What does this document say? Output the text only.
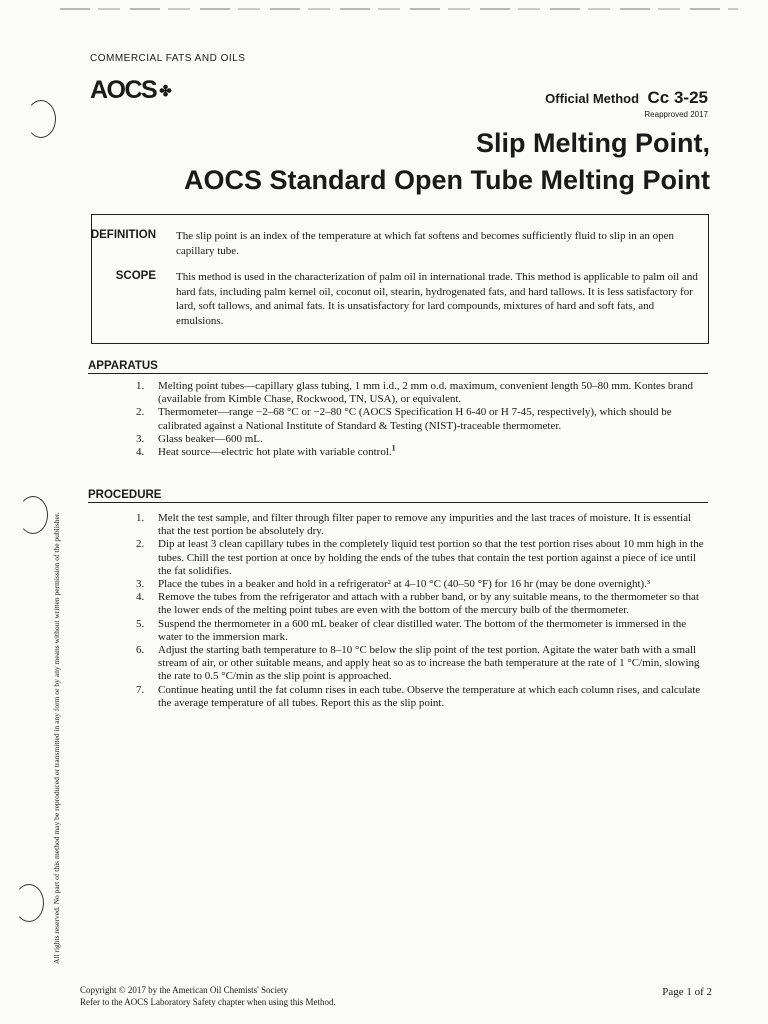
COMMERCIAL FATS AND OILS
AOCS ✤	Official Method Cc 3-25
Reapproved 2017
Slip Melting Point,
AOCS Standard Open Tube Melting Point
DEFINITION The slip point is an index of the temperature at which fat softens and becomes sufficiently fluid to slip in an open capillary tube.
SCOPE This method is used in the characterization of palm oil in international trade. This method is applicable to palm oil and hard fats, including palm kernel oil, coconut oil, stearin, hydrogenated fats, and hard tallows. It is less satisfactory for lard, soft tallows, and animal fats. It is unsatisfactory for lard compounds, mixtures of hard and soft fats, and emulsions.
APPARATUS
1. Melting point tubes—capillary glass tubing, 1 mm i.d., 2 mm o.d. maximum, convenient length 50–80 mm. Kontes brand (available from Kimble Chase, Rockwood, TN, USA), or equivalent.
2. Thermometer—range −2–68 °C or −2–80 °C (AOCS Specification H 6-40 or H 7-45, respectively), which should be calibrated against a National Institute of Standard & Testing (NIST)-traceable thermometer.
3. Glass beaker—600 mL.
4. Heat source—electric hot plate with variable control.$^1$
PROCEDURE
1. Melt the test sample, and filter through filter paper to remove any impurities and the last traces of moisture. It is essential that the test portion be absolutely dry.
2. Dip at least 3 clean capillary tubes in the completely liquid test portion so that the test portion rises about 10 mm high in the tubes. Chill the test portion at once by holding the ends of the tubes that contain the test portion against a piece of ice until the fat solidifies.
3. Place the tubes in a beaker and hold in a refrigerator² at 4–10 °C (40–50 °F) for 16 hr (may be done overnight).³
4. Remove the tubes from the refrigerator and attach with a rubber band, or by any suitable means, to the thermometer so that the lower ends of the melting point tubes are even with the bottom of the mercury bulb of the thermometer.
5. Suspend the thermometer in a 600 mL beaker of clear distilled water. The bottom of the thermometer is immersed in the water to the immersion mark.
6. Adjust the starting bath temperature to 8–10 °C below the slip point of the test portion. Agitate the water bath with a small stream of air, or other suitable means, and apply heat so as to increase the bath temperature at the rate of 1 °C/min, slowing the rate to 0.5 °C/min as the slip point is approached.
7. Continue heating until the fat column rises in each tube. Observe the temperature at which each column rises, and calculate the average temperature of all tubes. Report this as the slip point.
All rights reserved. No part of this method may be reproduced or transmitted in any form or by any means without written permission of the publisher.
Copyright © 2017 by the American Oil Chemists' Society
Refer to the AOCS Laboratory Safety chapter when using this Method.
Page 1 of 2
